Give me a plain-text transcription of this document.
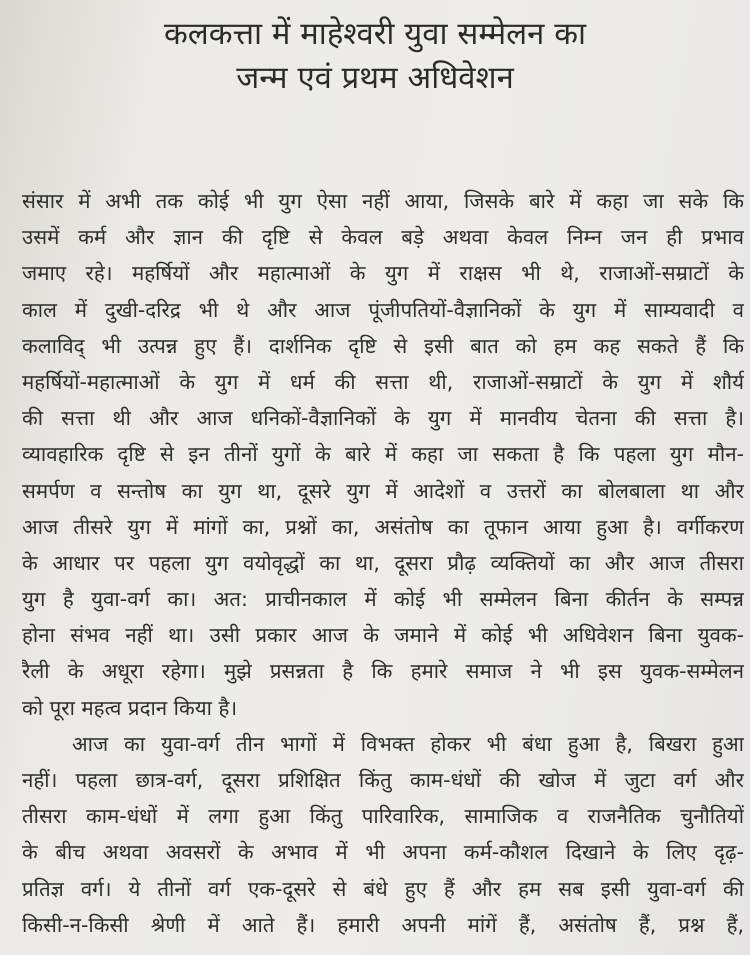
कलकत्ता में माहेश्वरी युवा सम्मेलन का
जन्म एवं प्रथम अधिवेशन
संसार में अभी तक कोई भी युग ऐसा नहीं आया, जिसके बारे में कहा जा सके कि
उसमें कर्म और ज्ञान की दृष्टि से केवल बड़े अथवा केवल निम्न जन ही प्रभाव
जमाए रहे। महर्षियों और महात्माओं के युग में राक्षस भी थे, राजाओं-सम्राटों के
काल में दुखी-दरिद्र भी थे और आज पूंजीपतियों-वैज्ञानिकों के युग में साम्यवादी व
कलाविद् भी उत्पन्न हुए हैं। दार्शनिक दृष्टि से इसी बात को हम कह सकते हैं कि
महर्षियों-महात्माओं के युग में धर्म की सत्ता थी, राजाओं-सम्राटों के युग में शौर्य
की सत्ता थी और आज धनिकों-वैज्ञानिकों के युग में मानवीय चेतना की सत्ता है।
व्यावहारिक दृष्टि से इन तीनों युगों के बारे में कहा जा सकता है कि पहला युग मौन-
समर्पण व सन्तोष का युग था, दूसरे युग में आदेशों व उत्तरों का बोलबाला था और
आज तीसरे युग में मांगों का, प्रश्नों का, असंतोष का तूफान आया हुआ है। वर्गीकरण
के आधार पर पहला युग वयोवृद्धों का था, दूसरा प्रौढ़ व्यक्तियों का और आज तीसरा
युग है युवा-वर्ग का। अत: प्राचीनकाल में कोई भी सम्मेलन बिना कीर्तन के सम्पन्न
होना संभव नहीं था। उसी प्रकार आज के जमाने में कोई भी अधिवेशन बिना युवक-
रैली के अधूरा रहेगा। मुझे प्रसन्नता है कि हमारे समाज ने भी इस युवक-सम्मेलन
को पूरा महत्व प्रदान किया है।
आज का युवा-वर्ग तीन भागों में विभक्त होकर भी बंधा हुआ है, बिखरा हुआ
नहीं। पहला छात्र-वर्ग, दूसरा प्रशिक्षित किंतु काम-धंधों की खोज में जुटा वर्ग और
तीसरा काम-धंधों में लगा हुआ किंतु पारिवारिक, सामाजिक व राजनैतिक चुनौतियों
के बीच अथवा अवसरों के अभाव में भी अपना कर्म-कौशल दिखाने के लिए दृढ़-
प्रतिज्ञ वर्ग। ये तीनों वर्ग एक-दूसरे से बंधे हुए हैं और हम सब इसी युवा-वर्ग की
किसी-न-किसी श्रेणी में आते हैं। हमारी अपनी मांगें हैं, असंतोष हैं, प्रश्न हैं,
